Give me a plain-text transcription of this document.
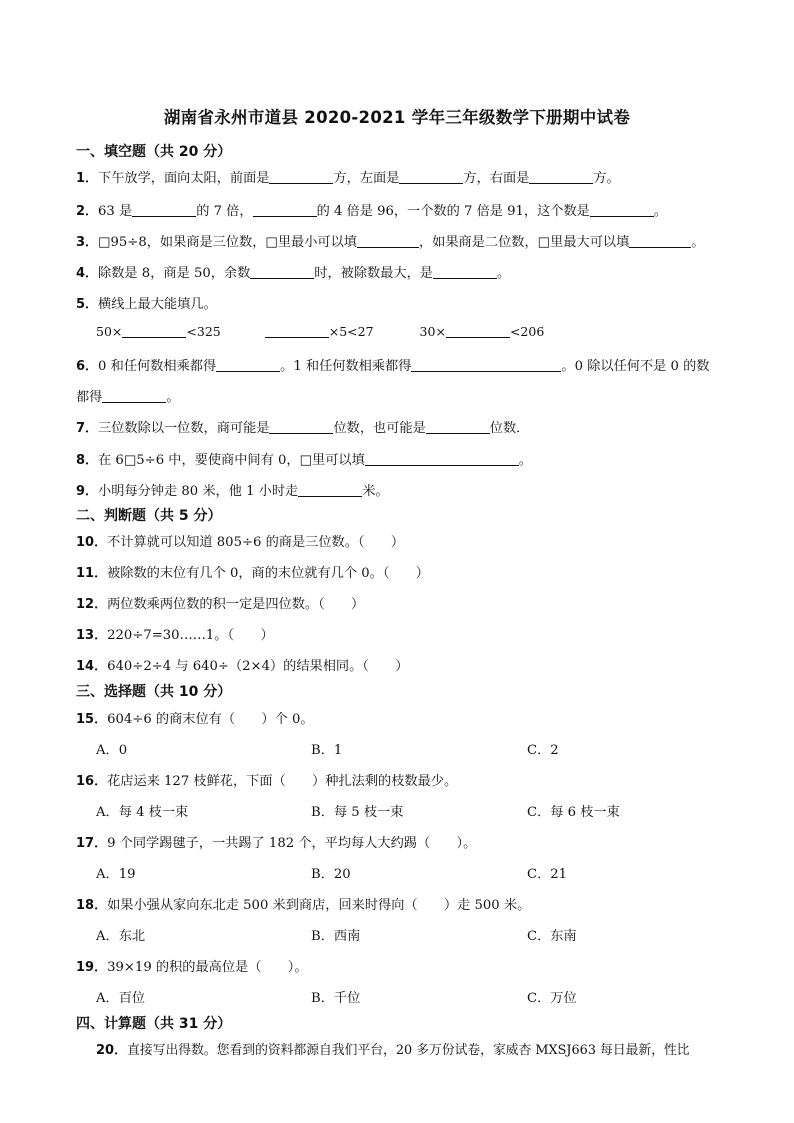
湖南省永州市道县 2020-2021 学年三年级数学下册期中试卷
一、填空题（共 20 分）
1．下午放学，面向太阳，前面是	方，左面是	方，右面是	方。
2．63 是	的 7 倍，	的 4 倍是 96，一个数的 7 倍是 91，这个数是	。
3．□95÷8，如果商是三位数，□里最小可以填	，如果商是二位数，□里最大可以填	。
4．除数是 8，商是 50，余数	时，被除数最大，是	。
5．横线上最大能填几。
50×	<325	×5<27	30×	<206
6．0 和任何数相乘都得	。1 和任何数相乘都得	。0 除以任何不是 0 的数
都得	。
7．三位数除以一位数，商可能是	位数，也可能是	位数．
8．在 6□5÷6 中，要使商中间有 0，□里可以填	。
9．小明每分钟走 80 米，他 1 小时走	米。
二、判断题（共 5 分）
10．不计算就可以知道 805÷6 的商是三位数。（　　）
11．被除数的末位有几个 0，商的末位就有几个 0。（　　）
12．两位数乘两位数的积一定是四位数。（　　）
13．220÷7=30……1。（　　）
14．640÷2÷4 与 640÷（2×4）的结果相同。（　　）
三、选择题（共 10 分）
15．604÷6 的商末位有（　　）个 0。
A．0	B．1	C．2
16．花店运来 127 枝鲜花，下面（　　）种扎法剩的枝数最少。
A．每 4 枝一束	B．每 5 枝一束	C．每 6 枝一束
17．9 个同学踢毽子，一共踢了 182 个，平均每人大约踢（　　）。
A．19	B．20	C．21
18．如果小强从家向东北走 500 米到商店，回来时得向（　　）走 500 米。
A．东北	B．西南	C．东南
19．39×19 的积的最高位是（　　）。
A．百位	B．千位	C．万位
四、计算题（共 31 分）
20．直接写出得数。您看到的资料都源自我们平台，20 多万份试卷，家威杏 MXSJ663 每日最新，性比
